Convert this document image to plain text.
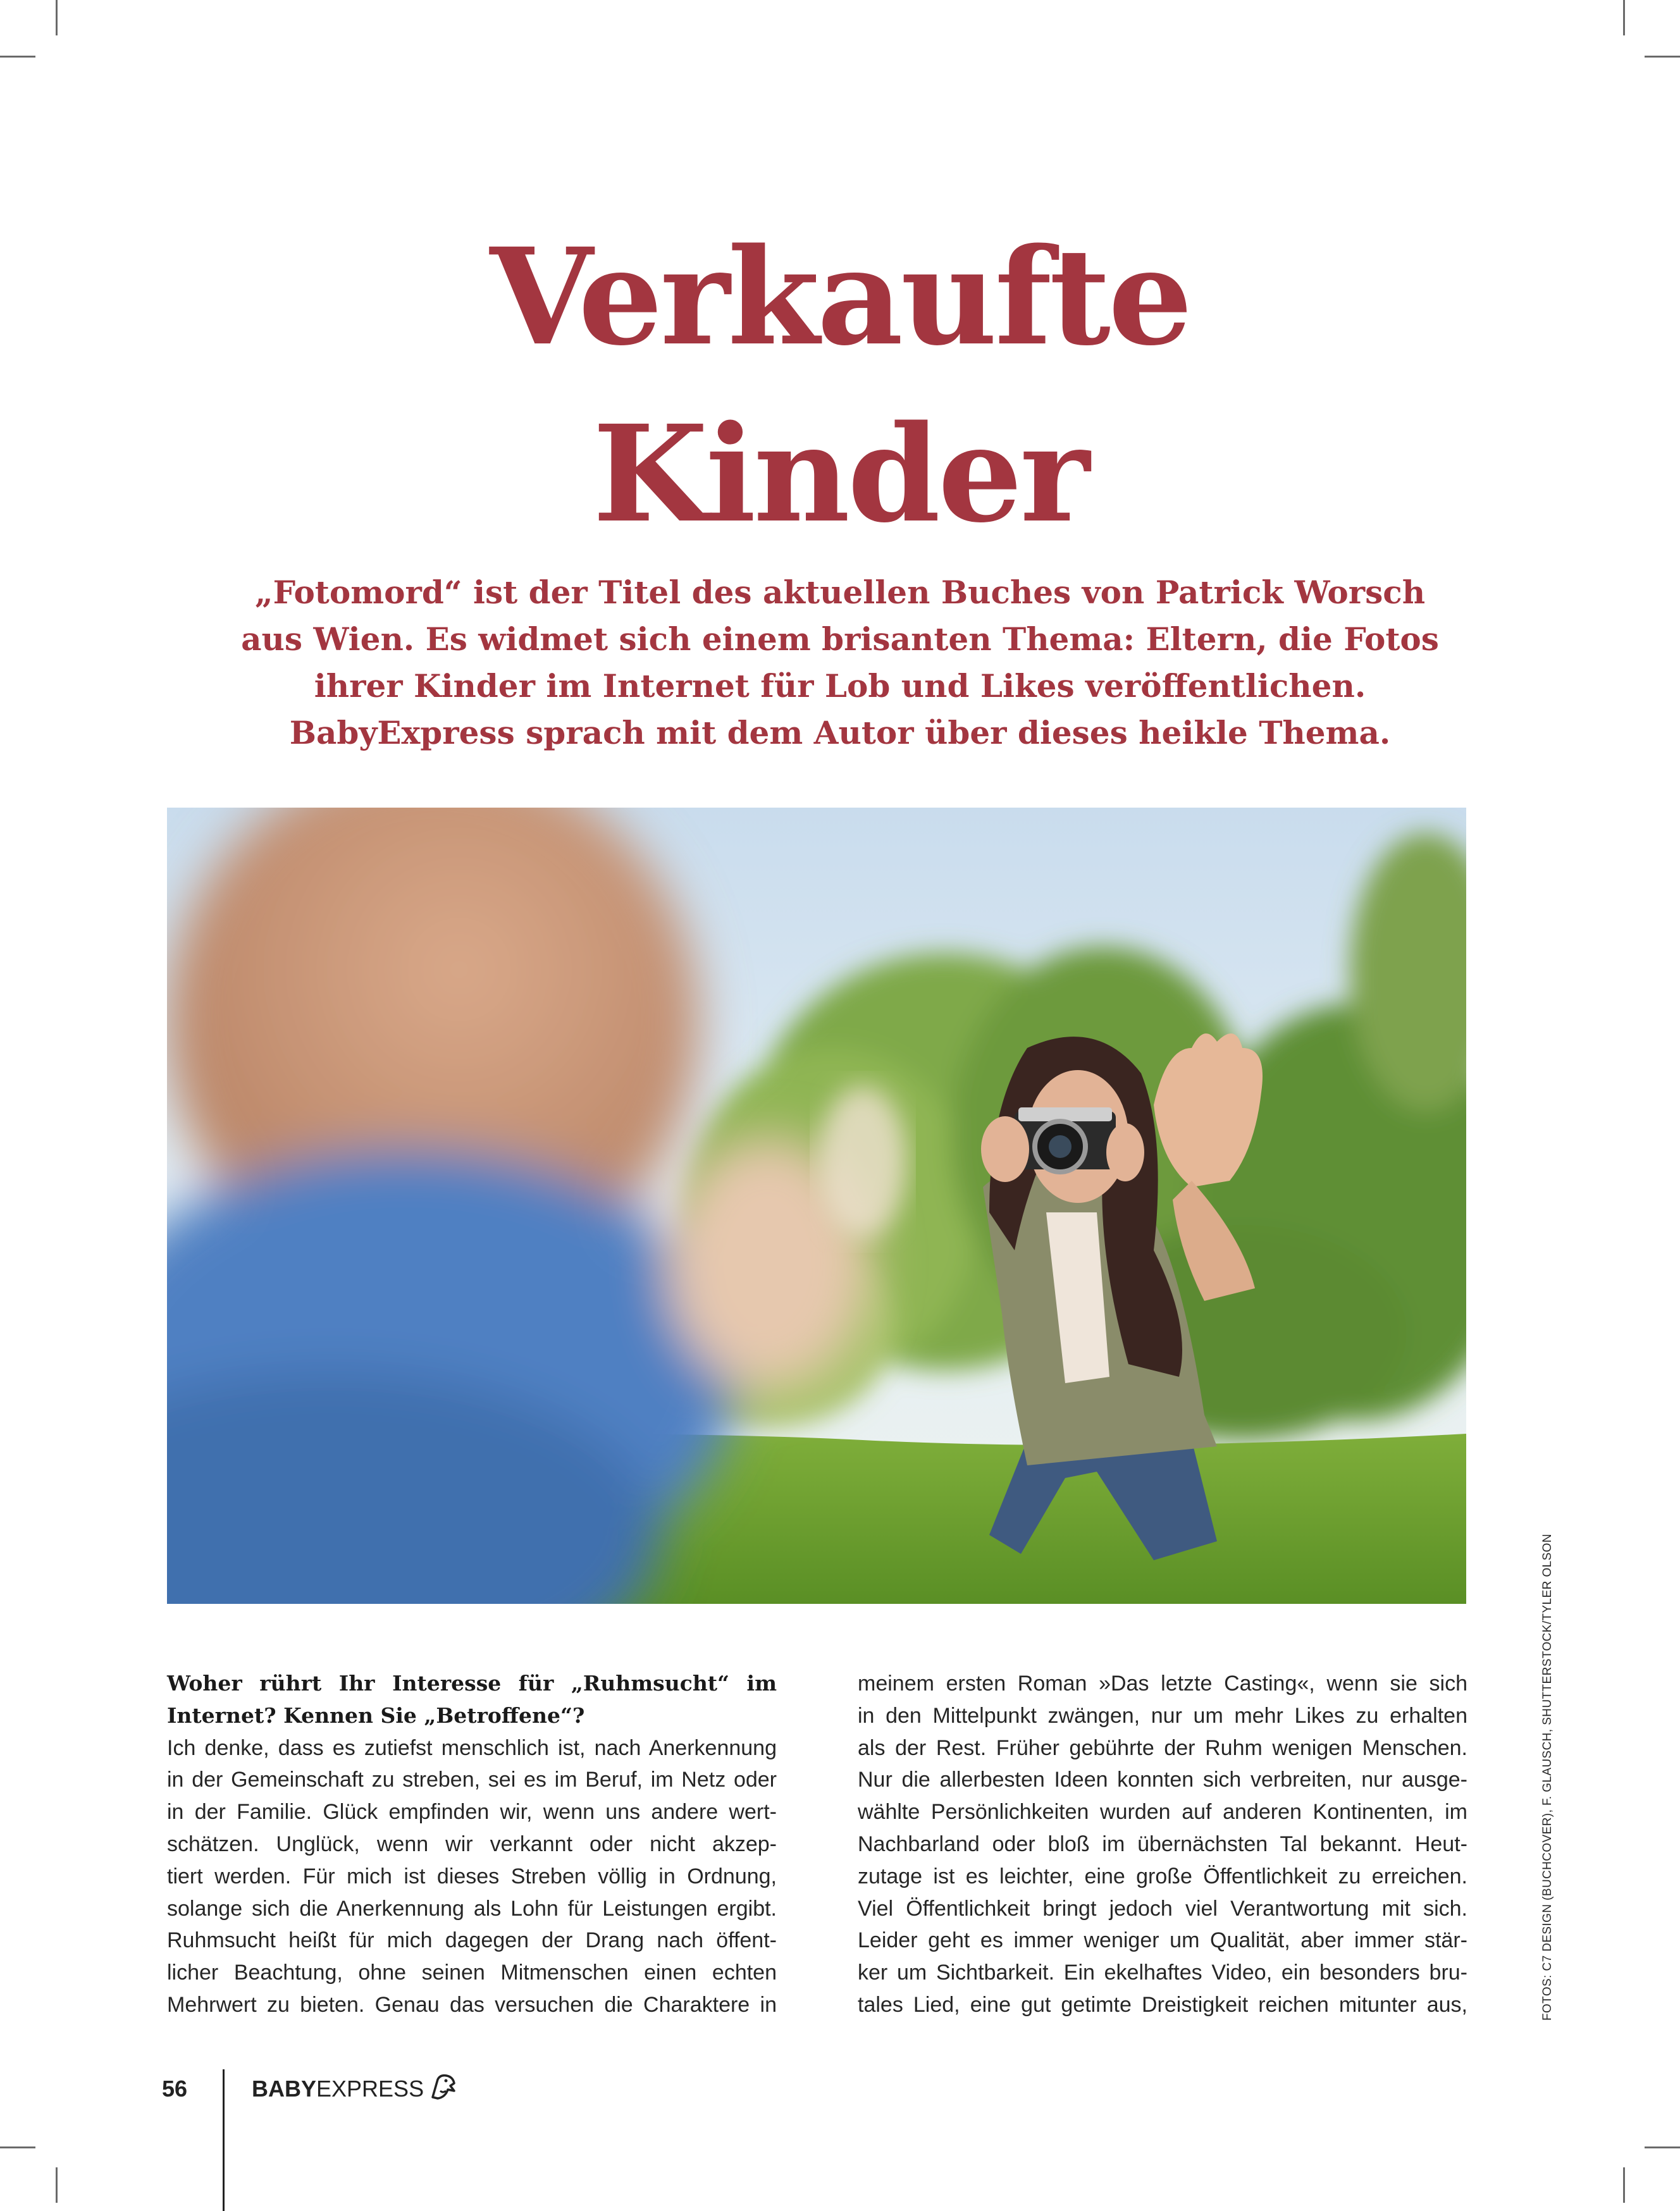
Verkaufte
Kinder
„Fotomord“ ist der Titel des aktuellen Buches von Patrick Worsch
aus Wien. Es widmet sich einem brisanten Thema: Eltern, die Fotos
ihrer Kinder im Internet für Lob und Likes veröffentlichen.
BabyExpress sprach mit dem Autor über dieses heikle Thema.
Woher rührt Ihr Interesse für „Ruhmsucht“ im
Internet? Kennen Sie „Betroffene“?
Ich denke, dass es zutiefst menschlich ist, nach Anerkennung
in der Gemeinschaft zu streben, sei es im Beruf, im Netz oder
in der Familie. Glück empfinden wir, wenn uns andere wert-
schätzen. Unglück, wenn wir verkannt oder nicht akzep-
tiert werden. Für mich ist dieses Streben völlig in Ordnung,
solange sich die Anerkennung als Lohn für Leistungen ergibt.
Ruhmsucht heißt für mich dagegen der Drang nach öffent-
licher Beachtung, ohne seinen Mitmenschen einen echten
Mehrwert zu bieten. Genau das versuchen die Charaktere in
meinem ersten Roman »Das letzte Casting«, wenn sie sich
in den Mittelpunkt zwängen, nur um mehr Likes zu erhalten
als der Rest. Früher gebührte der Ruhm wenigen Menschen.
Nur die allerbesten Ideen konnten sich verbreiten, nur ausge-
wählte Persönlichkeiten wurden auf anderen Kontinenten, im
Nachbarland oder bloß im übernächsten Tal bekannt. Heut-
zutage ist es leichter, eine große Öffentlichkeit zu erreichen.
Viel Öffentlichkeit bringt jedoch viel Verantwortung mit sich.
Leider geht es immer weniger um Qualität, aber immer stär-
ker um Sichtbarkeit. Ein ekelhaftes Video, ein besonders bru-
tales Lied, eine gut getimte Dreistigkeit reichen mitunter aus,	FOTOS: C7 DESIGN (BUCHCOVER), F. GLAUSCH, SHUTTERSTOCK/TYLER OLSON
56	BABYEXPRESS
